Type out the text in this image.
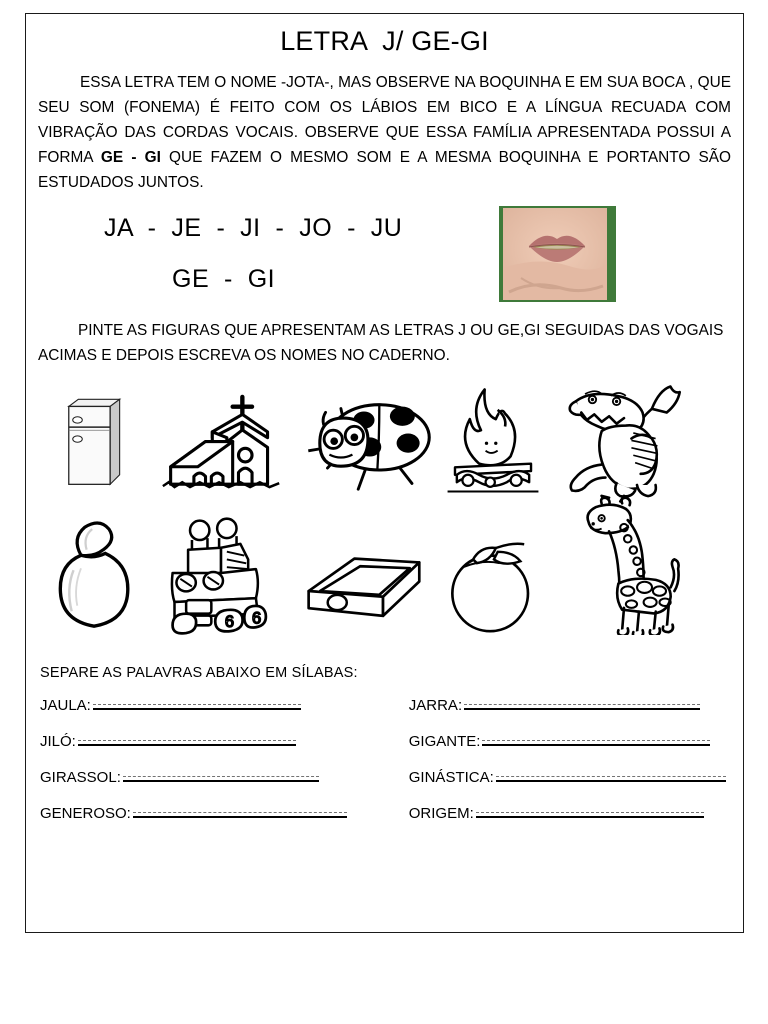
LETRA  J/ GE-GI

ESSA LETRA TEM O NOME -JOTA-, MAS OBSERVE NA BOQUINHA E EM SUA BOCA , QUE SEU SOM (FONEMA) É FEITO COM OS LÁBIOS EM BICO E A LÍNGUA RECUADA COM VIBRAÇÃO DAS CORDAS VOCAIS. OBSERVE QUE ESSA FAMÍLIA APRESENTADA POSSUI A FORMA GE - GI QUE FAZEM O MESMO SOM E A MESMA BOQUINHA E PORTANTO SÃO ESTUDADOS JUNTOS.

JA  -  JE  -  JI  -  JO  -  JU
GE  -  GI

PINTE AS FIGURAS QUE APRESENTAM AS LETRAS J OU GE,GI SEGUIDAS DAS VOGAIS ACIMAS E DEPOIS ESCREVA OS NOMES NO CADERNO.

6 6
SEPARE AS PALAVRAS ABAIXO EM SÍLABAS:
JAULA:	JARRA:
JILÓ:	GIGANTE:
GIRASSOL:	GINÁSTICA:
GENEROSO:	ORIGEM:
